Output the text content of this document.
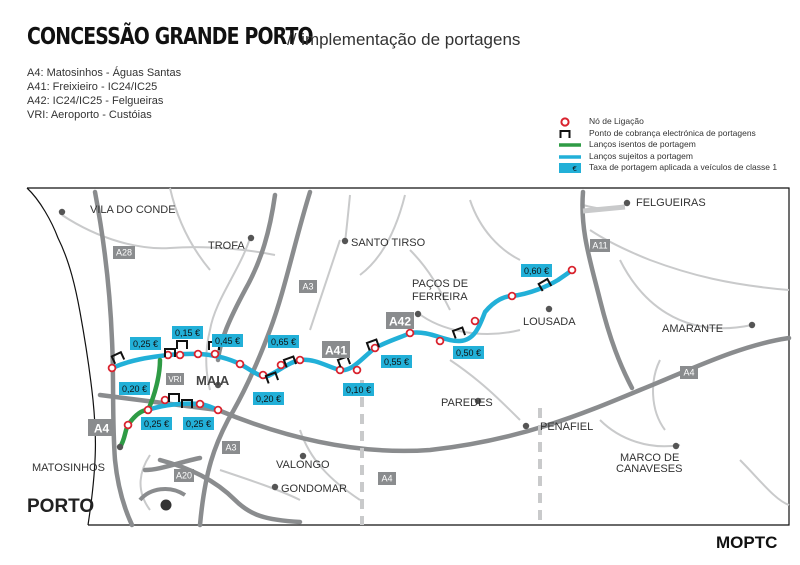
CONCESSÃO GRANDE PORTO
// implementação de portagens
A4: Matosinhos - Águas Santas
A41: Freixieiro - IC24/IC25
A42: IC24/IC25 - Felgueiras
VRI: Aeroporto - Custóias	Nó de Ligação
Ponto de cobrança electrónica de portagens
Lanços isentos de portagem
Lanços sujeitos a portagem
€ Taxa de portagem aplicada a veículos de classe 1
VILA DO CONDE
TROFA	SANTO TIRSO
FELGUEIRAS
PAÇOS DE
FERREIRA
LOUSADA
AMARANTE
PAREDES
PENAFIEL
MATOSINHOS	VALONGO
GONDOMAR
MARCO DE
CANAVESES
MAIA
PORTO
A28
A3
A3
A11
A4
A4
A20
A4
A41
A42
VRI
0,25 €
0,15 €
0,45 €
0,20 €
0,65 €
0,20 €
0,25 € 0,25 €
0,10 €
0,55 €
0,50 €
0,60 €
MOPTC
